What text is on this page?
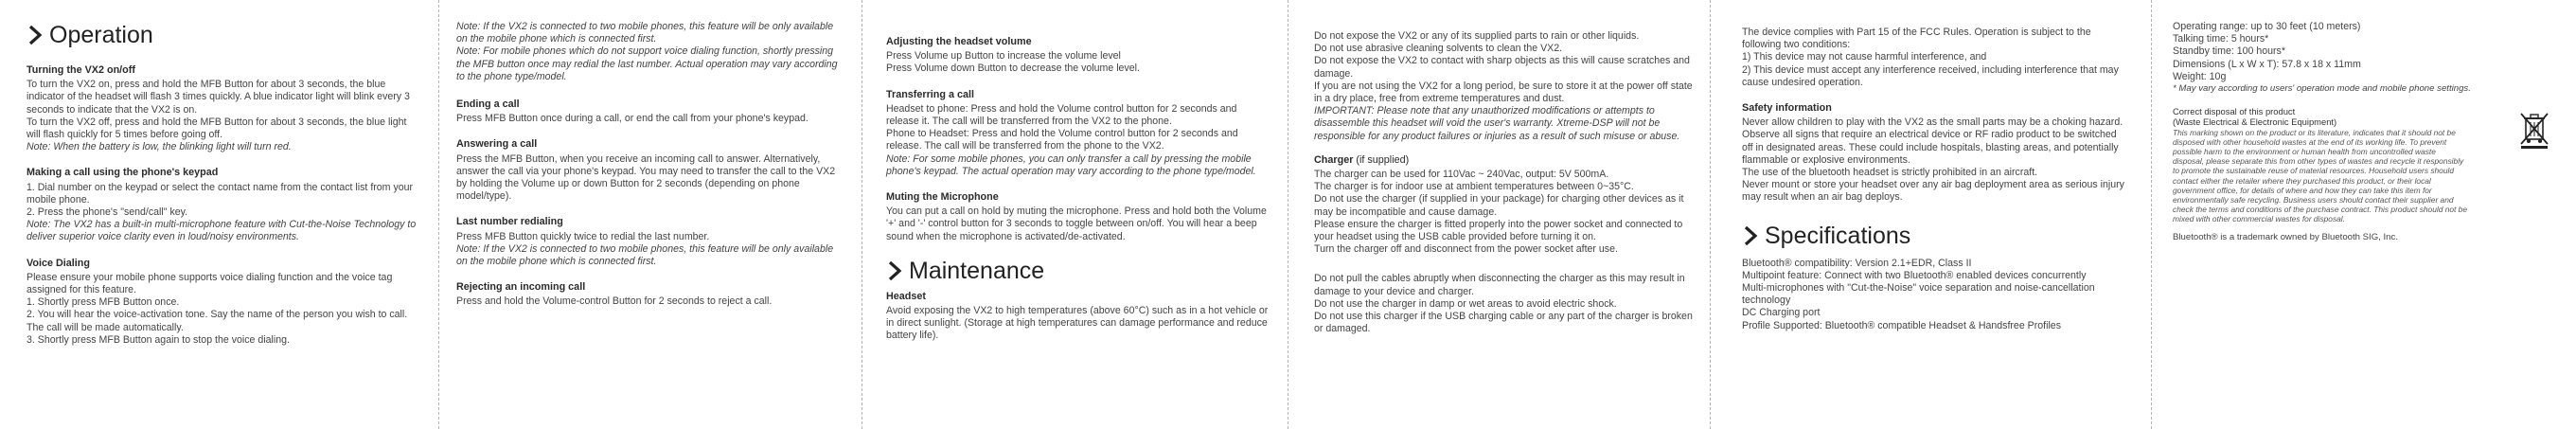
Operation
Turning the VX2 on/off
To turn the VX2 on, press and hold the MFB Button for about 3 seconds, the blue indicator of the headset will flash 3 times quickly. A blue indicator light will blink every 3 seconds to indicate that the VX2 is on.
To turn the VX2 off, press and hold the MFB Button for about 3 seconds, the blue light will flash quickly for 5 times before going off.
Note: When the battery is low, the blinking light will turn red.
Making a call using the phone's keypad
1. Dial number on the keypad or select the contact name from the contact list from your mobile phone.
2. Press the phone's "send/call" key.
Note: The VX2 has a built-in multi-microphone feature with Cut-the-Noise Technology to deliver superior voice clarity even in loud/noisy environments.
Voice Dialing
Please ensure your mobile phone supports voice dialing function and the voice tag assigned for this feature.
1. Shortly press MFB Button once.
2. You will hear the voice-activation tone. Say the name of the person you wish to call. The call will be made automatically.
3. Shortly press MFB Button again to stop the voice dialing.
Note: If the VX2 is connected to two mobile phones, this feature will be only available on the mobile phone which is connected first.
Note: For mobile phones which do not support voice dialing function, shortly pressing the MFB button once may redial the last number. Actual operation may vary according to the phone type/model.
Ending a call
Press MFB Button once during a call, or end the call from your phone's keypad.
Answering a call
Press the MFB Button, when you receive an incoming call to answer. Alternatively, answer the call via your phone's keypad. You may need to transfer the call to the VX2 by holding the Volume up or down Button for 2 seconds (depending on phone model/type).
Last number redialing
Press MFB Button quickly twice to redial the last number.
Note: If the VX2 is connected to two mobile phones, this feature will be only available on the mobile phone which is connected first.
Rejecting an incoming call
Press and hold the Volume-control Button for 2 seconds to reject a call.
Adjusting the headset volume
Press Volume up Button to increase the volume level
Press Volume down Button to decrease the volume level.
Transferring a call
Headset to phone: Press and hold the Volume control button for 2 seconds and release it. The call will be transferred from the VX2 to the phone.
Phone to Headset: Press and hold the Volume control button for 2 seconds and release. The call will be transferred from the phone to the VX2.
Note: For some mobile phones, you can only transfer a call by pressing the mobile phone's keypad. The actual operation may vary according to the phone type/model.
Muting the Microphone
You can put a call on hold by muting the microphone. Press and hold both the Volume '+' and '-' control button for 3 seconds to toggle between on/off. You will hear a beep sound when the microphone is activated/de-activated.
Maintenance
Headset
Avoid exposing the VX2 to high temperatures (above 60°C) such as in a hot vehicle or in direct sunlight. (Storage at high temperatures can damage performance and reduce battery life).
Do not expose the VX2 or any of its supplied parts to rain or other liquids.
Do not use abrasive cleaning solvents to clean the VX2.
Do not expose the VX2 to contact with sharp objects as this will cause scratches and damage.
If you are not using the VX2 for a long period, be sure to store it at the power off state in a dry place, free from extreme temperatures and dust.
IMPORTANT: Please note that any unauthorized modifications or attempts to disassemble this headset will void the user's warranty. Xtreme-DSP will not be responsible for any product failures or injuries as a result of such misuse or abuse.
Charger (if supplied)
The charger can be used for 110Vac ~ 240Vac, output: 5V 500mA.
The charger is for indoor use at ambient temperatures between 0~35°C.
Do not use the charger (if supplied in your package) for charging other devices as it may be incompatible and cause damage.
Please ensure the charger is fitted properly into the power socket and connected to your headset using the USB cable provided before turning it on.
Turn the charger off and disconnect from the power socket after use.
Do not pull the cables abruptly when disconnecting the charger as this may result in damage to your device and charger.
Do not use the charger in damp or wet areas to avoid electric shock.
Do not use this charger if the USB charging cable or any part of the charger is broken or damaged.
The device complies with Part 15 of the FCC Rules. Operation is subject to the following two conditions:
1) This device may not cause harmful interference, and
2) This device must accept any interference received, including interference that may cause undesired operation.
Safety information
Never allow children to play with the VX2 as the small parts may be a choking hazard.
Observe all signs that require an electrical device or RF radio product to be switched off in designated areas. These could include hospitals, blasting areas, and potentially flammable or explosive environments.
The use of the bluetooth headset is strictly prohibited in an aircraft.
Never mount or store your headset over any air bag deployment area as serious injury may result when an air bag deploys.
Specifications
Bluetooth® compatibility: Version 2.1+EDR, Class II
Multipoint feature: Connect with two Bluetooth® enabled devices concurrently
Multi-microphones with "Cut-the-Noise" voice separation and noise-cancellation technology
DC Charging port
Profile Supported: Bluetooth® compatible Headset & Handsfree Profiles
Operating range: up to 30 feet (10 meters)
Talking time: 5 hours*
Standby time: 100 hours*
Dimensions (L x W x T): 57.8 x 18 x 11mm
Weight: 10g
* May vary according to users' operation mode and mobile phone settings.
Correct disposal of this product
(Waste Electrical & Electronic Equipment)
This marking shown on the product or its literature, indicates that it should not be disposed with other household wastes at the end of its working life. To prevent possible harm to the environment or human health from uncontrolled waste disposal, please separate this from other types of wastes and recycle it responsibly to promote the sustainable reuse of material resources. Household users should contact either the retailer where they purchased this product, or their local government office, for details of where and how they can take this item for environmentally safe recycling. Business users should contact their supplier and check the terms and conditions of the purchase contract. This product should not be mixed with other commercial wastes for disposal.
Bluetooth® is a trademark owned by Bluetooth SIG, Inc.
